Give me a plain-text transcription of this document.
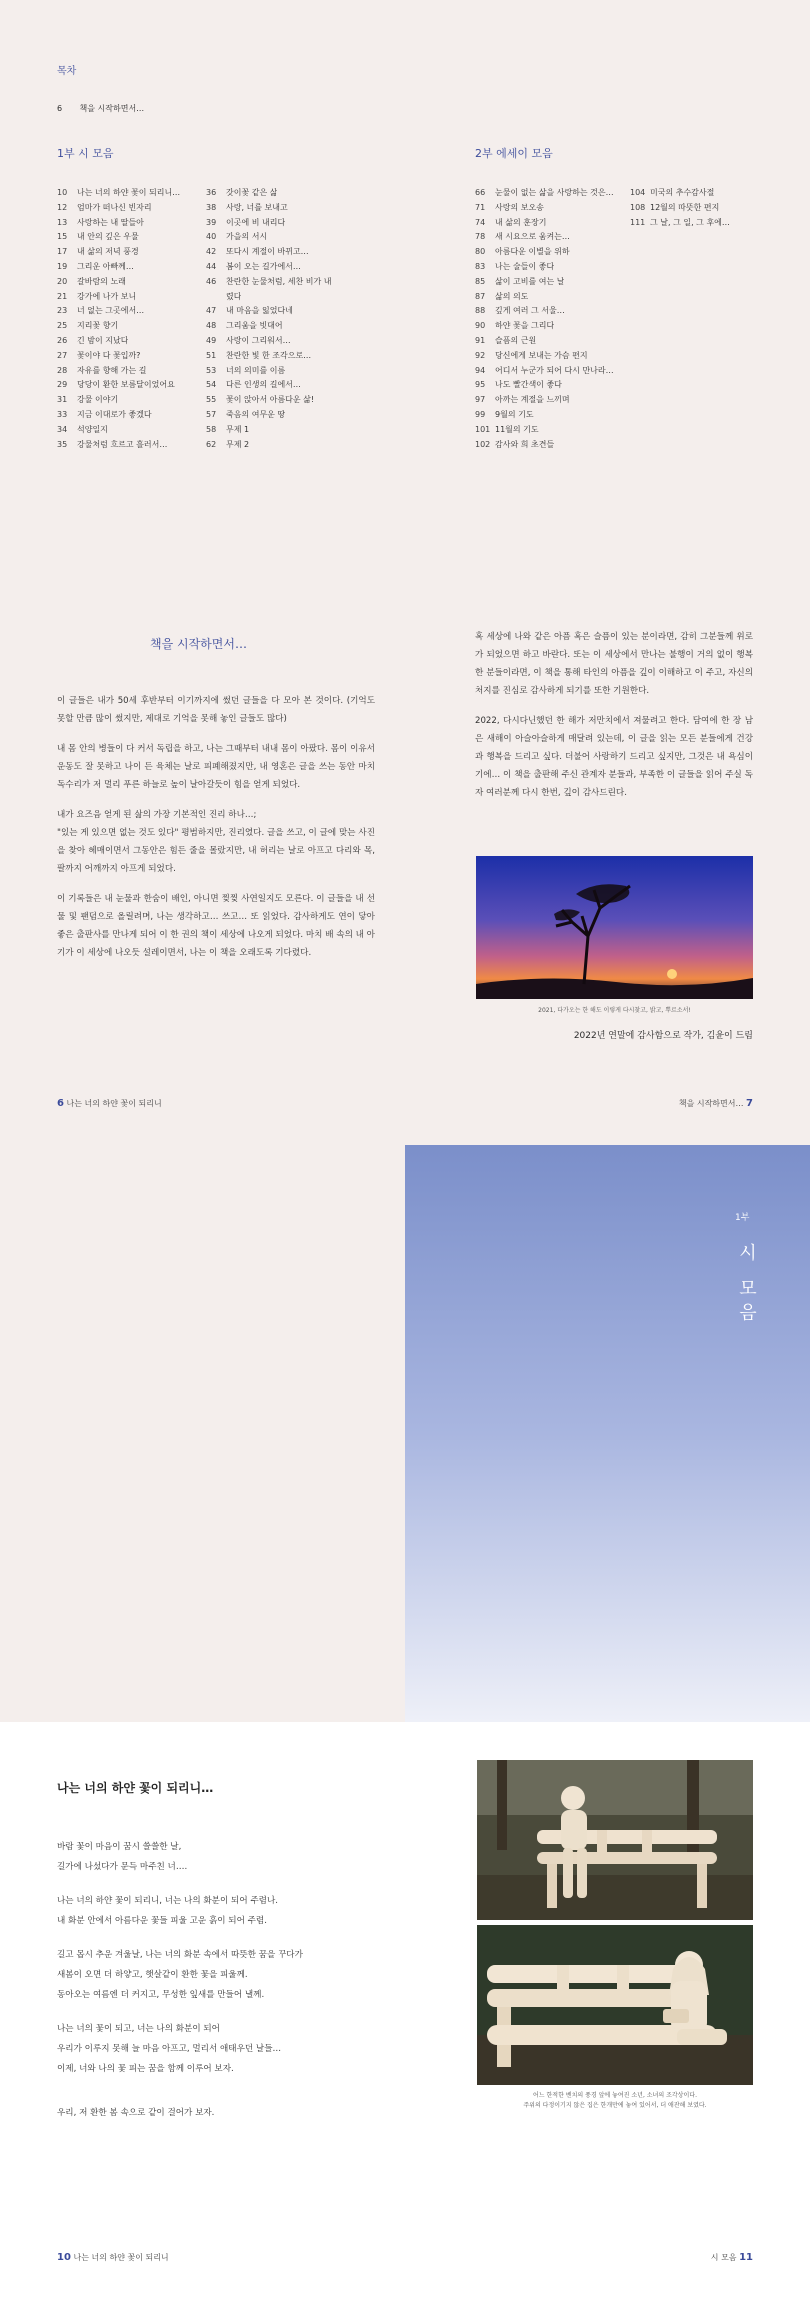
목차
6 책을 시작하면서…
1부 시 모음
10	나는 너의 하얀 꽃이 되리니…
12	엄마가 떠나신 빈자리
13	사랑하는 내 딸들아
15	내 안의 깊은 우물
17	내 삶의 저녁 풍경
19	그리운 아빠께…
20	갈바람의 노래
21	강가에 나가 보니
23	너 없는 그곳에서…
25	지리꽃 향기
26	긴 밤이 지났다
27	꽃이야 다 꽃입까?
28	자유를 향해 가는 길
29	당당이 환한 보름달이었어요
31	강물 이야기
33	지금 이대로가 좋겠다
34	석양일지
35	강물처럼 흐르고 흘러서…
36	갓이꽃 같은 삶
38	사랑, 너를 보내고
39	이곳에 비 내리다
40	가을의 서시
42	또다시 계절이 바뀌고…
44	봄이 오는 길가에서…
46	찬란한 눈물처럼, 세찬 비가 내
렸다
47	내 마음을 잃었다네
48	그리움을 빗대어
49	사랑이 그리워서…
51	찬란한 빛 한 조각으로…
53	너의 의미를 이름
54	다른 인생의 길에서…
55	꽃이 앉아서 아름다운 삶!
57	죽음의 여무운 땅
58	무제 1
62	무제 2
2부 에세이 모음
66	눈물이 없는 삶을 사랑하는 것은…
71	사랑의 보오송
74	내 삶의 훈장기
78	새 시요으로 움켜는…
80	아름다운 이별을 위하
83	나는 술들이 좋다
85	삶이 고비를 여는 날
87	삶의 의도
88	깊게 여러 그 서울…
90	하얀 꽃을 그리다
91	슬픔의 근원
92	당신에게 보내는 가슴 편지
94	어디서 누군가 되어 다시 만나라…
95	나도 빨간색이 좋다
97	아까는 계절을 느끼며
99	9월의 기도
101 11월의 기도
102 감사와 희 초견들
104 미국의 추수감사절
108 12월의 따뜻한 편지
111 그 날, 그 일, 그 후에…
책을 시작하면서…

이 글들은 내가 50세 후반부터 이기까지에 썼던 글들을 다 모아 본 것이다. (기억도 못할 만큼 많이 썼지만, 제대로 기억을 못해 놓인 글들도 많다)

내 몸 안의 병들이 다 커서 독립을 하고, 나는 그때부터 내내 몸이 아팠다. 몸이 이유서 운동도 잘 못하고 나이 든 육체는 날로 피폐해졌지만, 내 영혼은 글을 쓰는 동안 마치 독수리가 저 멀리 푸른 하늘로 높이 날아갈듯이 힘을 얻게 되었다.

내가 요즈음 얻게 된 삶의 가장 기본적인 진리 하나…;

"있는 게 있으면 없는 것도 있다" 평범하지만, 진리였다. 글을 쓰고, 이 글에 맞는 사진을 찾아 헤매이면서 그동안은 힘든 줄을 몰랐지만, 내 허리는 날로 아프고 다리와 목, 팔까지 어깨까지 아프게 되었다.

이 기록들은 내 눈물과 한숨이 배인, 아니면 찢찢 사연일지도 모른다. 이 글들을 내 선물 및 팬덤으로 올릴려며, 나는 생각하고… 쓰고… 또 읽었다. 감사하게도 연이 닿아 좋은 출판사를 만나게 되어 이 한 권의 책이 세상에 나오게 되었다. 마치 배 속의 내 아기가 이 세상에 나오듯 설레이면서, 나는 이 책을 오래도록 기다렸다.

혹 세상에 나와 같은 아픔 혹은 슬픔이 있는 분이라면, 감히 그분들께 위로가 되었으면 하고 바란다. 또는 이 세상에서 만나는 불행이 거의 없이 행복한 분들이라면, 이 책을 통해 타인의 아픔을 깊이 이해하고 이 주고, 자신의 처지를 진심로 감사하게 되기를 또한 기원한다.

2022, 다시다닌했던 한 해가 저만치에서 져물려고 한다. 담여에 한 장 남은 새해이 아슬아슬하게 매달려 있는데, 이 글을 읽는 모든 분들에게 건강과 행복을 드리고 싶다. 더불어 사랑하기 드리고 싶지만, 그것은 내 욕심이기에… 이 책을 출판해 주신 관계자 분들과, 부족한 이 글들을 읽어 주실 독자 여러분께 다시 한번, 깊이 감사드린다.

2021, 다가오는 한 해도 이렇게 다시찾고, 밝고, 뿌르소서!
2022년 연말에 감사함으로 작가, 김윤이 드림
6 나는 너의 하얀 꽃이 되리니	책을 시작하면서… 7
1부
시 모음
나는 너의 하얀 꽃이 되리니…
바람 꽃이 마음이 꿈시 쓸쓸한 날,
길가에 나섰다가 문득 마주친 너….
나는 너의 하얀 꽃이 되리니, 너는 나의 화분이 되어 주렴나.
내 화분 안에서 아름다운 꽃들 피울 고운 흙이 되어 주렴.
길고 몹시 추운 겨울날, 나는 너의 화분 속에서 따뜻한 꿈을 꾸다가
새봄이 오면 더 하얗고, 햇살같이 환한 꽃을 피울께.
동아오는 여름엔 더 커지고, 무성한 잎새를 만들어 낼께.
나는 너의 꽃이 되고, 너는 나의 화분이 되어
우리가 이루지 못해 늘 마음 아프고, 멀리서 애태우던 날들…
이제, 너와 나의 꽃 피는 꿈을 함께 이루어 보자.
우리, 저 환한 봄 속으로 같이 걸어가 보자.
어느 한적한 벤치의 풍경 앞에 놓여진 소년, 소녀의 조각상이다.
주위의 다정이기지 않은 집은 한개만에 놓여 있어서, 더 애잔해 보였다.
10 나는 너의 하얀 꽃이 되리니	시 모음 11
